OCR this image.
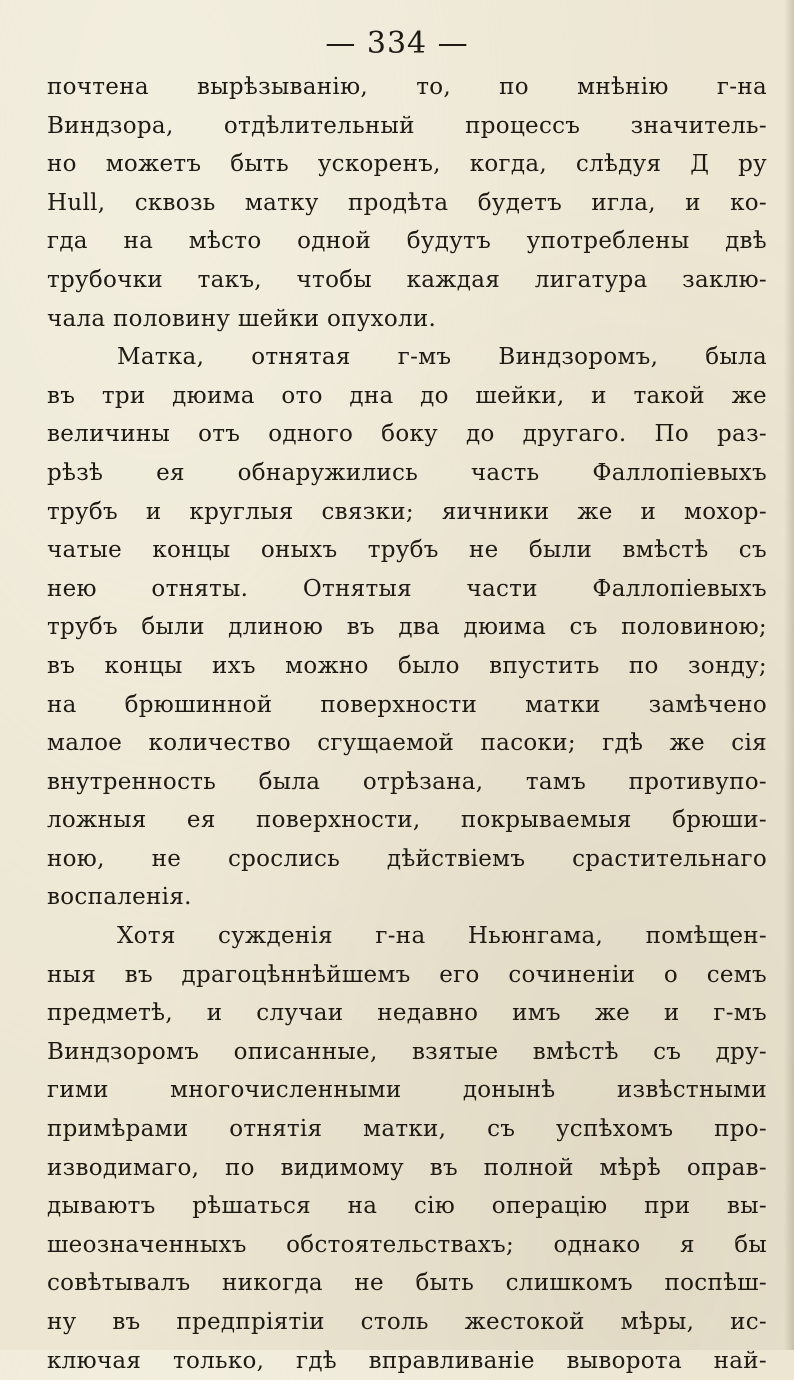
— 334 —
почтена вырѣзыванію, то, по мнѣнію г-на
Виндзора, отдѣлительный процессъ значитель-
но можетъ быть ускоренъ, когда, слѣдуя Д ру
Hull, сквозь матку продѣта будетъ игла, и ко-
гда на мѣсто одной будутъ употреблены двѣ
трубочки такъ, чтобы каждая лигатура заклю-
чала половину шейки опухоли.
Матка, отнятая г-мъ Виндзоромъ, была
въ три дюима ото дна до шейки, и такой же
величины отъ одного боку до другаго. По раз-
рѣзѣ ея обнаружились часть Фаллопіевыхъ
трубъ и круглыя связки; яичники же и мохор-
чатые концы оныхъ трубъ не были вмѣстѣ съ
нею отняты. Отнятыя части Фаллопіевыхъ
трубъ были длиною въ два дюима съ половиною;
въ концы ихъ можно было впустить по зонду;
на брюшинной поверхности матки замѣчено
малое количество сгущаемой пасоки; гдѣ же сія
внутренность была отрѣзана, тамъ противупо-
ложныя ея поверхности, покрываемыя брюши-
ною, не срослись дѣйствіемъ срастительнаго
воспаленія.
Хотя сужденія г-на Ньюнгама, помѣщен-
ныя въ драгоцѣннѣйшемъ его сочиненіи о семъ
предметѣ, и случаи недавно имъ же и г-мъ
Виндзоромъ описанные, взятые вмѣстѣ съ дру-
гими	многочисленными	донынѣ	извѣстными
примѣрами отнятія матки, съ успѣхомъ про-
изводимаго, по видимому въ полной мѣрѣ оправ-
дываютъ рѣшаться на сію операцію при вы-
шеозначенныхъ обстоятельствахъ; однако я бы
совѣтывалъ никогда не быть слишкомъ поспѣш-
ну въ предпріятіи столь жестокой мѣры, ис-
ключая только, гдѣ вправливаніе выворота най-
